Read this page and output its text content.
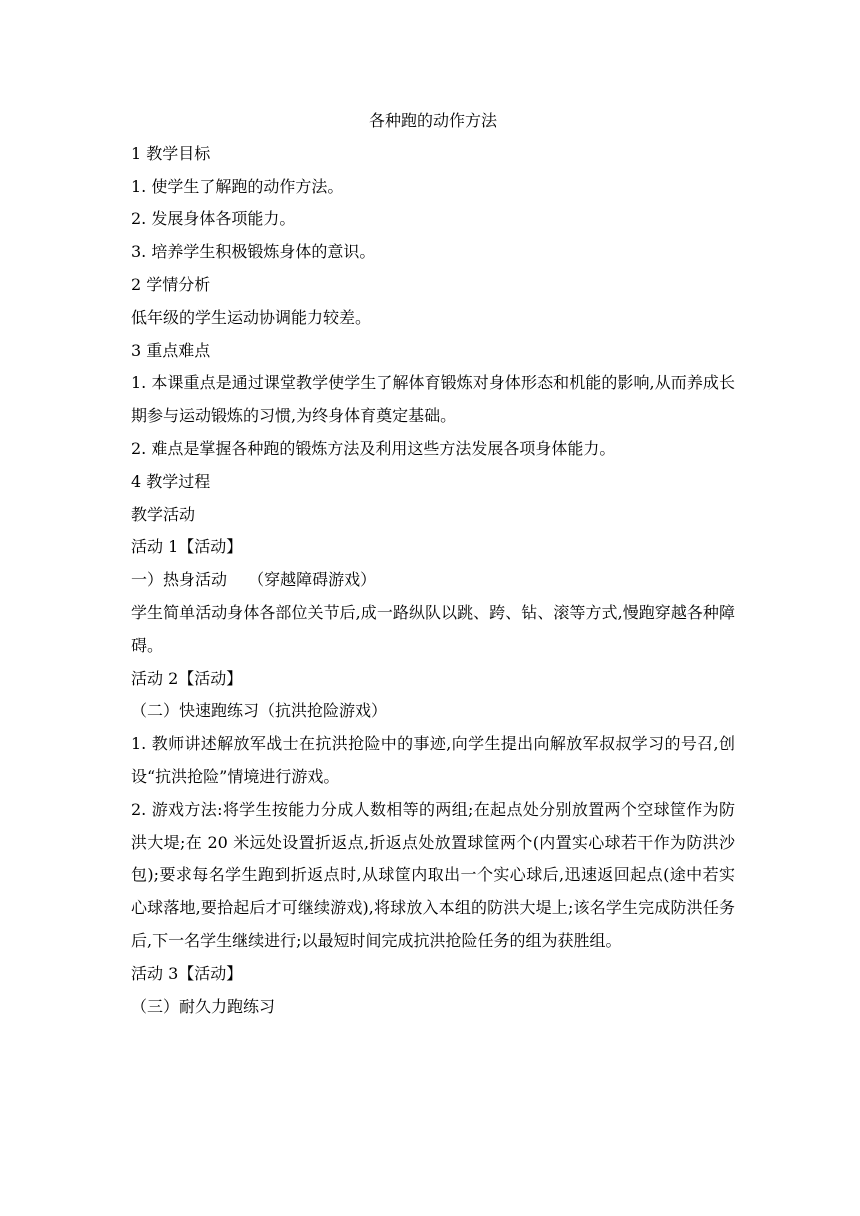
各种跑的动作方法

1 教学目标

1. 使学生了解跑的动作方法。

2. 发展身体各项能力。

3. 培养学生积极锻炼身体的意识。

2 学情分析

低年级的学生运动协调能力较差。

3 重点难点

1. 本课重点是通过课堂教学使学生了解体育锻炼对身体形态和机能的影响,从而养成长期参与运动锻炼的习惯,为终身体育奠定基础。

2. 难点是掌握各种跑的锻炼方法及利用这些方法发展各项身体能力。

4 教学过程

教学活动

活动 1【活动】

一）热身活动　 （穿越障碍游戏）

学生简单活动身体各部位关节后,成一路纵队以跳、跨、钻、滚等方式,慢跑穿越各种障碍。

活动 2【活动】

（二）快速跑练习（抗洪抢险游戏）

1. 教师讲述解放军战士在抗洪抢险中的事迹,向学生提出向解放军叔叔学习的号召,创设“抗洪抢险”情境进行游戏。

2. 游戏方法:将学生按能力分成人数相等的两组;在起点处分别放置两个空球筐作为防洪大堤;在 20 米远处设置折返点,折返点处放置球筐两个(内置实心球若干作为防洪沙包);要求每名学生跑到折返点时,从球筐内取出一个实心球后,迅速返回起点(途中若实心球落地,要拾起后才可继续游戏),将球放入本组的防洪大堤上;该名学生完成防洪任务后,下一名学生继续进行;以最短时间完成抗洪抢险任务的组为获胜组。

活动 3【活动】

（三）耐久力跑练习
